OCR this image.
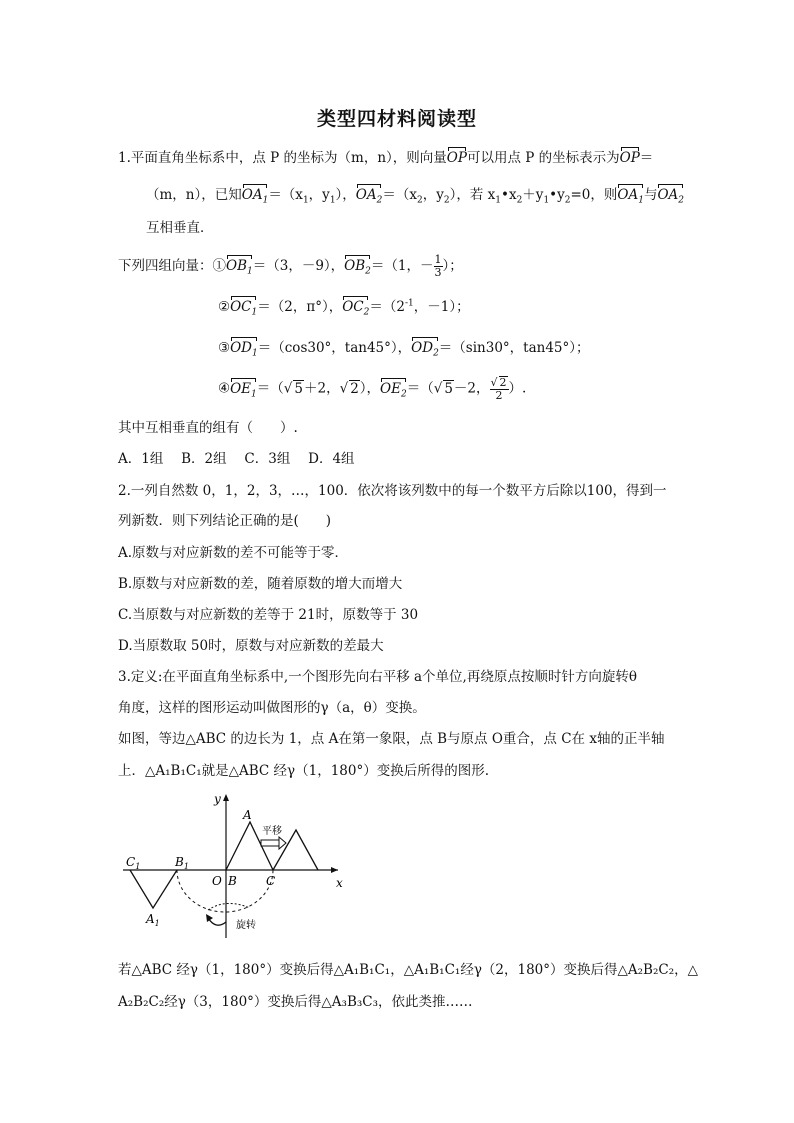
类型四材料阅读型
1.平面直角坐标系中，点 P 的坐标为（m，n），则向量OP可以用点 P 的坐标表示为OP＝
（m，n），已知$OA_1=(x_1$，$y_1$），$OA_2=(x_2$，$y_2$），若 $x_1•x_2+y_1•y_2=0$，则$OA_1$与$OA_2$
互相垂直．
下列四组向量：$①OB_1=(3$，－9），$OB_2=(1$，－ $\frac{1}{3}$ ）；
$②OC_1=(2$，π°），$OC_2=(2^{-1}$，－1）；
$③OD_1=(\cos 30^\circ$，tan45°），$OD_2=(\sin 30^\circ$，tan45°）；
$④OE_1=(√$ 5＋2，√ 2），$OE_2=(√$ 5－2， $\frac{√ 2}{2}$ ）.
其中互相垂直的组有（　　）.
A．1组　 B．2组　 C．3组　 D．4组
2.一列自然数 0，1，2，3，…，100．依次将该列数中的每一个数平方后除以100，得到一
列新数．则下列结论正确的是(　　)
A.原数与对应新数的差不可能等于零．
B.原数与对应新数的差，随着原数的增大而增大
C.当原数与对应新数的差等于 21时，原数等于 30
D.当原数取 50时，原数与对应新数的差最大
3.定义:在平面直角坐标系中,一个图形先向右平移 a个单位,再绕原点按顺时针方向旋转θ
角度，这样的图形运动叫做图形的γ（a，θ）变换。
如图，等边△ABC 的边长为 1，点 A在第一象限，点 B与原点 O重合，点 C在 x轴的正半轴
上．△A₁B₁C₁就是△ABC 经γ（1，180°）变换后所得的图形.
y
x
平移
旋转
A
O B C
$C_1$	$B_1$
$A_1$
若△ABC 经γ（1，180°）变换后得△A₁B₁C₁，△A₁B₁C₁经γ（2，180°）变换后得△A₂B₂C₂，△
A₂B₂C₂经γ（3，180°）变换后得△A₃B₃C₃，依此类推……
